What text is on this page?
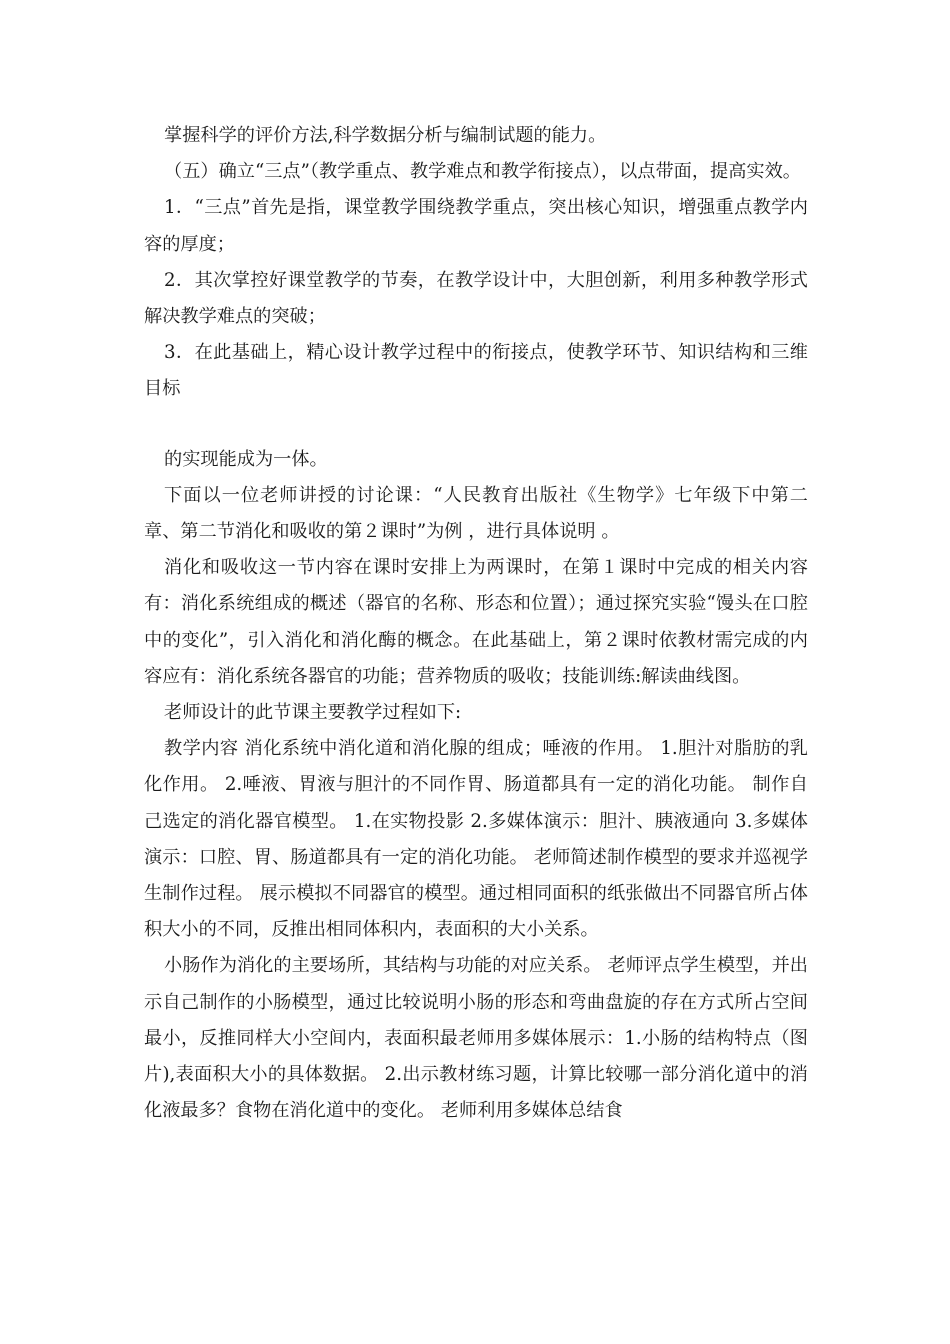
掌握科学的评价方法,科学数据分析与编制试题的能力。

（五）确立“三点”（教学重点、教学难点和教学衔接点），以点带面，提高实效。

1．“三点”首先是指，课堂教学围绕教学重点，突出核心知识，增强重点教学内容的厚度；

2．其次掌控好课堂教学的节奏，在教学设计中，大胆创新，利用多种教学形式解决教学难点的突破；

3．在此基础上，精心设计教学过程中的衔接点，使教学环节、知识结构和三维目标

的实现能成为一体。

下面以一位老师讲授的讨论课：“人民教育出版社《生物学》七年级下中第二章、第二节消化和吸收的第２课时”为例 ，进行具体说明 。

消化和吸收这一节内容在课时安排上为两课时，在第１课时中完成的相关内容有：消化系统组成的概述（器官的名称、形态和位置）；通过探究实验“馒头在口腔中的变化”，引入消化和消化酶的概念。在此基础上，第２课时依教材需完成的内容应有：消化系统各器官的功能；营养物质的吸收；技能训练:解读曲线图。

老师设计的此节课主要教学过程如下:

教学内容 消化系统中消化道和消化腺的组成；唾液的作用。 1.胆汁对脂肪的乳化作用。 2.唾液、胃液与胆汁的不同作胃、肠道都具有一定的消化功能。 制作自己选定的消化器官模型。 1.在实物投影 2.多媒体演示：胆汁、胰液通向 3.多媒体演示：口腔、胃、肠道都具有一定的消化功能。 老师简述制作模型的要求并巡视学生制作过程。 展示模拟不同器官的模型。通过相同面积的纸张做出不同器官所占体积大小的不同，反推出相同体积内，表面积的大小关系。

小肠作为消化的主要场所，其结构与功能的对应关系。 老师评点学生模型，并出示自己制作的小肠模型，通过比较说明小肠的形态和弯曲盘旋的存在方式所占空间最小，反推同样大小空间内，表面积最老师用多媒体展示：1.小肠的结构特点（图片),表面积大小的具体数据。 2.出示教材练习题，计算比较哪一部分消化道中的消化液最多？食物在消化道中的变化。 老师利用多媒体总结食
